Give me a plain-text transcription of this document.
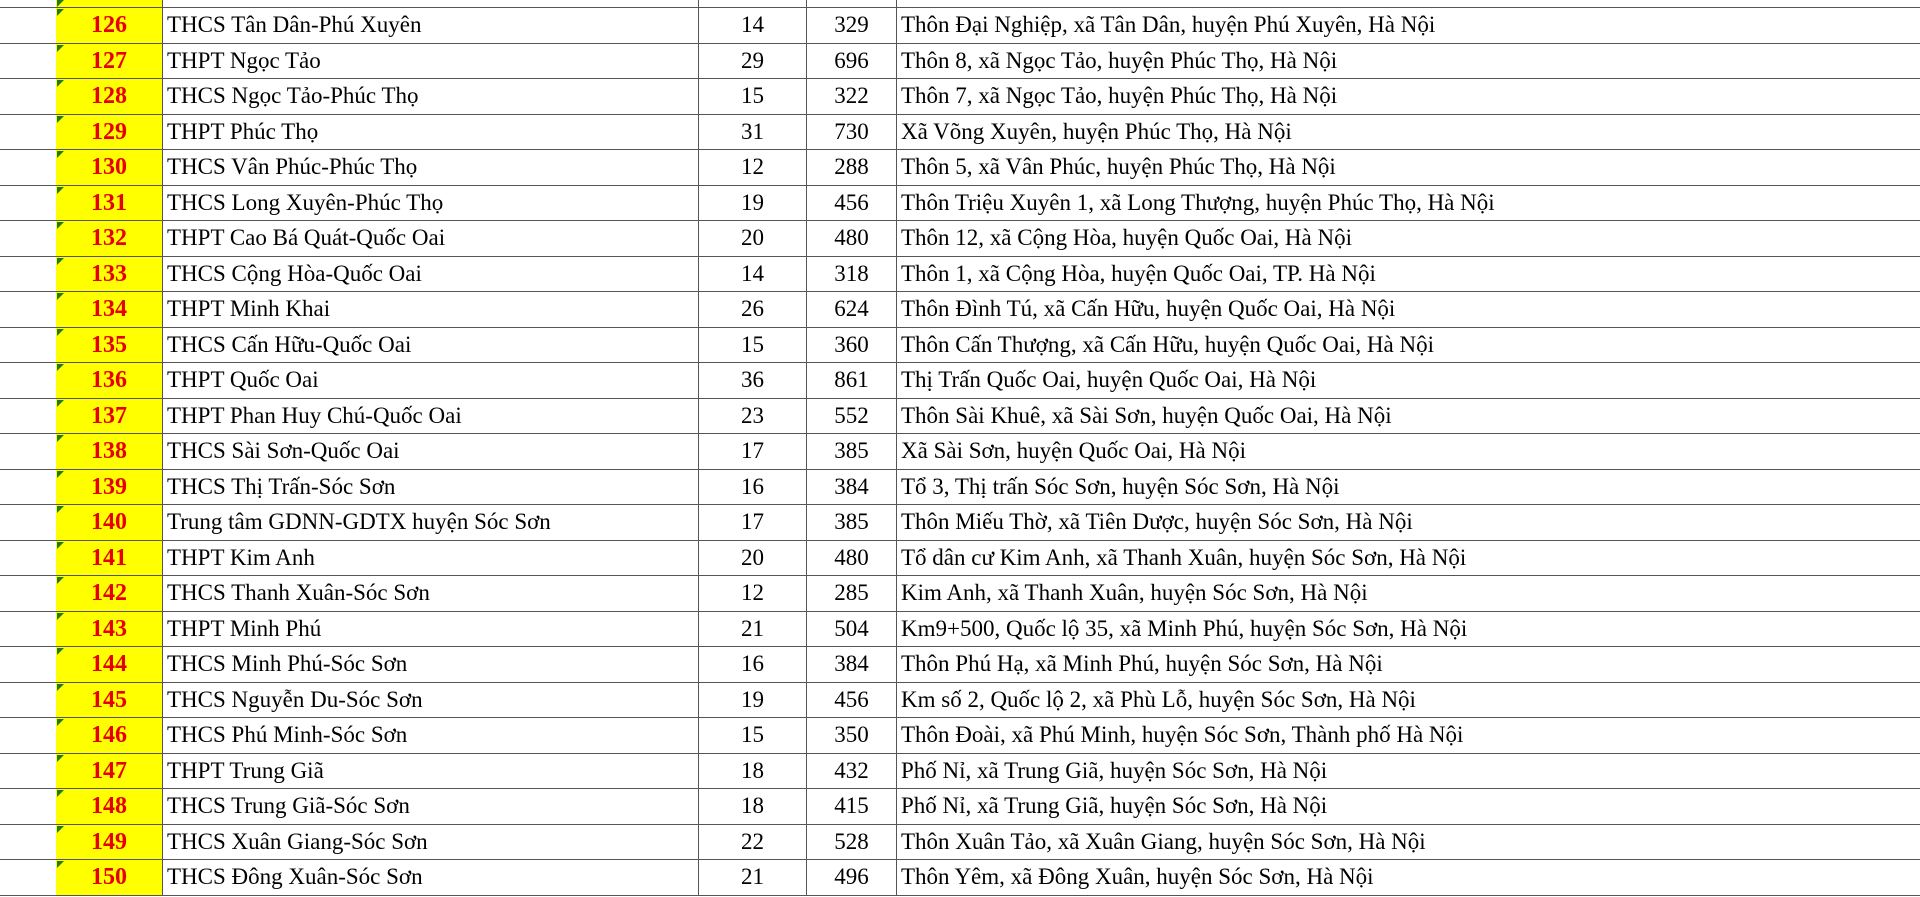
126	THCS Tân Dân-Phú Xuyên	14	329	Thôn Đại Nghiệp, xã Tân Dân, huyện Phú Xuyên, Hà Nội
127	THPT Ngọc Tảo	29	696	Thôn 8, xã Ngọc Tảo, huyện Phúc Thọ, Hà Nội
128	THCS Ngọc Tảo-Phúc Thọ	15	322	Thôn 7, xã Ngọc Tảo, huyện Phúc Thọ, Hà Nội
129	THPT Phúc Thọ	31	730	Xã Võng Xuyên, huyện Phúc Thọ, Hà Nội
130	THCS Vân Phúc-Phúc Thọ	12	288	Thôn 5, xã Vân Phúc, huyện Phúc Thọ, Hà Nội
131	THCS Long Xuyên-Phúc Thọ	19	456	Thôn Triệu Xuyên 1, xã Long Thượng, huyện Phúc Thọ, Hà Nội
132	THPT Cao Bá Quát-Quốc Oai	20	480	Thôn 12, xã Cộng Hòa, huyện Quốc Oai, Hà Nội
133	THCS Cộng Hòa-Quốc Oai	14	318	Thôn 1, xã Cộng Hòa, huyện Quốc Oai, TP. Hà Nội
134	THPT Minh Khai	26	624	Thôn Đình Tú, xã Cấn Hữu, huyện Quốc Oai, Hà Nội
135	THCS Cấn Hữu-Quốc Oai	15	360	Thôn Cấn Thượng, xã Cấn Hữu, huyện Quốc Oai, Hà Nội
136	THPT Quốc Oai	36	861	Thị Trấn Quốc Oai, huyện Quốc Oai, Hà Nội
137	THPT Phan Huy Chú-Quốc Oai	23	552	Thôn Sài Khuê, xã Sài Sơn, huyện Quốc Oai, Hà Nội
138	THCS Sài Sơn-Quốc Oai	17	385	Xã Sài Sơn, huyện Quốc Oai, Hà Nội
139	THCS Thị Trấn-Sóc Sơn	16	384	Tổ 3, Thị trấn Sóc Sơn, huyện Sóc Sơn, Hà Nội
140	Trung tâm GDNN-GDTX huyện Sóc Sơn	17	385	Thôn Miếu Thờ, xã Tiên Dược, huyện Sóc Sơn, Hà Nội
141	THPT Kim Anh	20	480	Tổ dân cư Kim Anh, xã Thanh Xuân, huyện Sóc Sơn, Hà Nội
142	THCS Thanh Xuân-Sóc Sơn	12	285	Kim Anh, xã Thanh Xuân, huyện Sóc Sơn, Hà Nội
143	THPT Minh Phú	21	504	Km9+500, Quốc lộ 35, xã Minh Phú, huyện Sóc Sơn, Hà Nội
144	THCS Minh Phú-Sóc Sơn	16	384	Thôn Phú Hạ, xã Minh Phú, huyện Sóc Sơn, Hà Nội
145	THCS Nguyễn Du-Sóc Sơn	19	456	Km số 2, Quốc lộ 2, xã Phù Lỗ, huyện Sóc Sơn, Hà Nội
146	THCS Phú Minh-Sóc Sơn	15	350	Thôn Đoài, xã Phú Minh, huyện Sóc Sơn, Thành phố Hà Nội
147	THPT Trung Giã	18	432	Phố Nỉ, xã Trung Giã, huyện Sóc Sơn, Hà Nội
148	THCS Trung Giã-Sóc Sơn	18	415	Phố Nỉ, xã Trung Giã, huyện Sóc Sơn, Hà Nội
149	THCS Xuân Giang-Sóc Sơn	22	528	Thôn Xuân Tảo, xã Xuân Giang, huyện Sóc Sơn, Hà Nội
150	THCS Đông Xuân-Sóc Sơn	21	496	Thôn Yêm, xã Đông Xuân, huyện Sóc Sơn, Hà Nội
